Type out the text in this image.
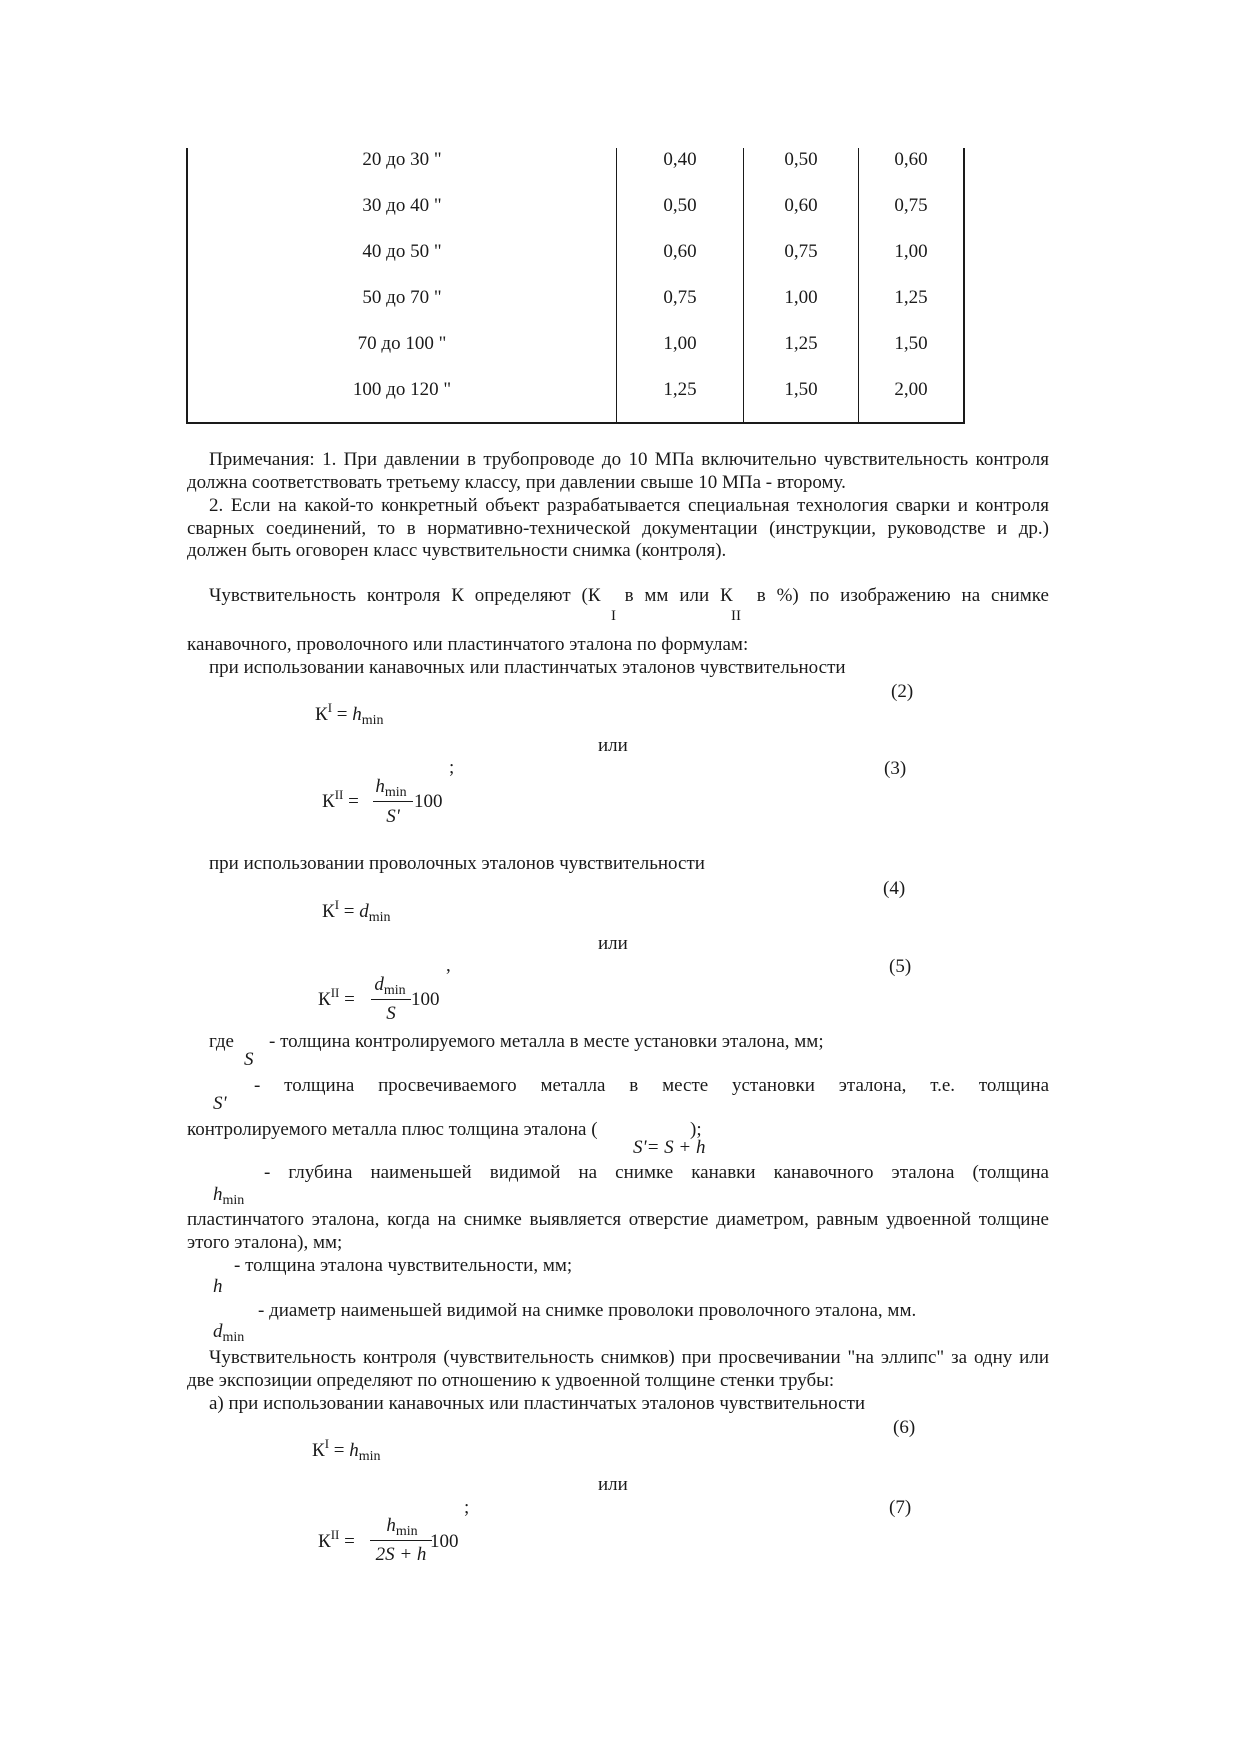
20 до 30 "	0,40	0,50	0,60
30 до 40 "	0,50	0,60	0,75
40 до 50 "	0,60	0,75	1,00
50 до 70 "	0,75	1,00	1,25
70 до 100 "	1,00	1,25	1,50
100 до 120 "	1,25	1,50	2,00
Примечания: 1. При давлении в трубопроводе до 10 МПа включительно чувствительность контроля должна соответствовать третьему классу, при давлении свыше 10 МПа - второму.
2. Если на какой-то конкретный объект разрабатывается специальная технология сварки и контроля сварных соединений, то в нормативно-технической документации (инструкции, руководстве и др.) должен быть оговорен класс чувствительности снимка (контроля).
Чувствительность контроля К определяют (К в мм или К в %) по изображению на снимке
I	II
канавочного, проволочного или пластинчатого эталона по формулам:
при использовании канавочных или пластинчатых эталонов чувствительности
(2)
$К^I = h_{min}$
или
;	(3)
$К^{II}$ =
$h_{min}$
S'
100
при использовании проволочных эталонов чувствительности
(4)
$К^I = d_{min}$
или
,	(5)
$К^{II}$ =
$d_{min}$
S
100
где
S
- толщина контролируемого металла в месте установки эталона, мм;
- толщина просвечиваемого металла в месте установки эталона, т.е. толщина
S'
контролируемого металла плюс толщина эталона (	);
S'= S + h
- глубина наименьшей видимой на снимке канавки канавочного эталона (толщина
$h_{min}$
пластинчатого эталона, когда на снимке выявляется отверстие диаметром, равным удвоенной толщине этого эталона), мм;
- толщина эталона чувствительности, мм;
h
- диаметр наименьшей видимой на снимке проволоки проволочного эталона, мм.
$d_{min}$
Чувствительность контроля (чувствительность снимков) при просвечивании "на эллипс" за одну или две экспозиции определяют по отношению к удвоенной толщине стенки трубы:
а) при использовании канавочных или пластинчатых эталонов чувствительности
(6)
$К^I = h_{min}$
или
;	(7)
$К^{II}$ =
$h_{min}$
2S + h
100
